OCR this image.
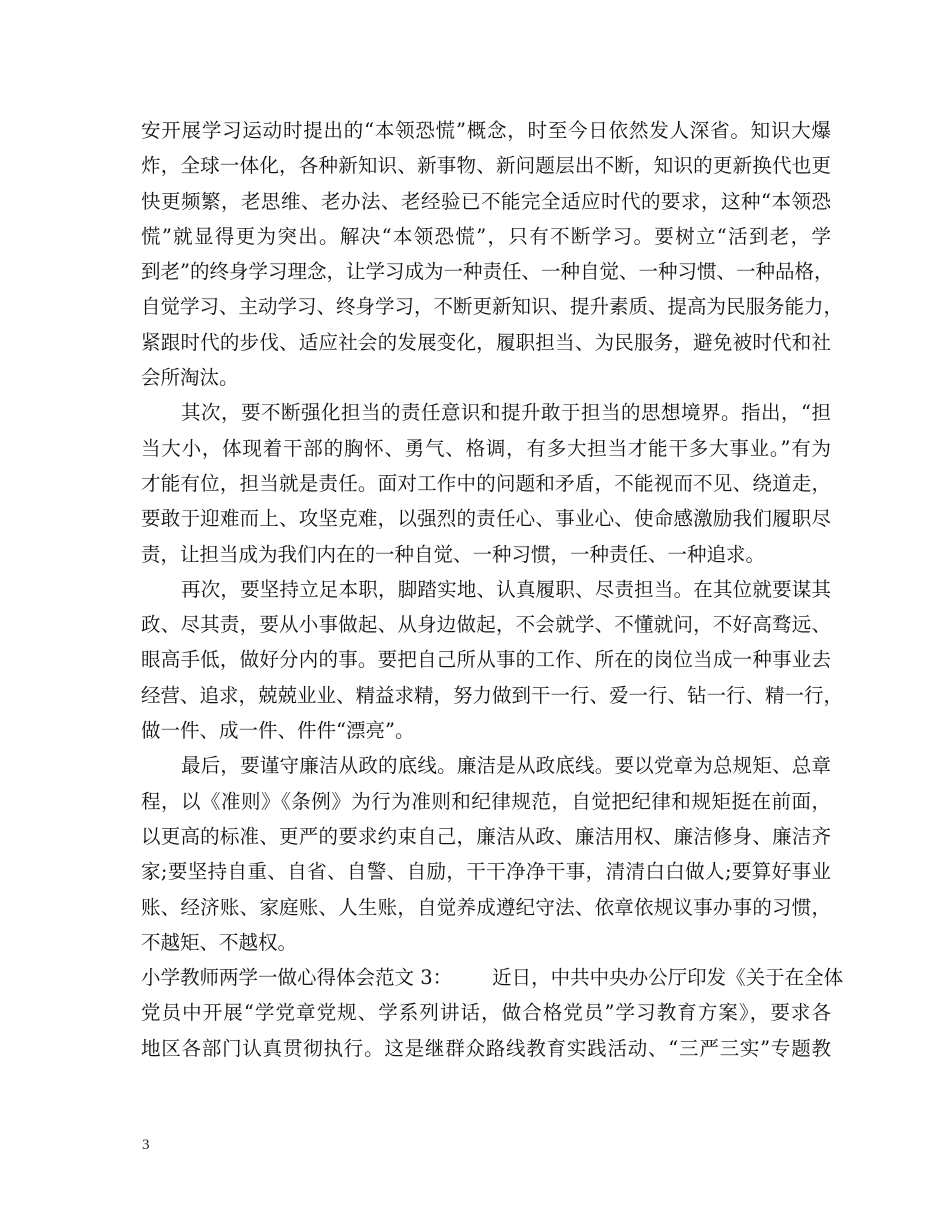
安开展学习运动时提出的“本领恐慌”概念，时至今日依然发人深省。知识大爆
炸，全球一体化，各种新知识、新事物、新问题层出不断，知识的更新换代也更
快更频繁，老思维、老办法、老经验已不能完全适应时代的要求，这种“本领恐
慌”就显得更为突出。解决“本领恐慌”，只有不断学习。要树立“活到老，学
到老”的终身学习理念，让学习成为一种责任、一种自觉、一种习惯、一种品格，
自觉学习、主动学习、终身学习，不断更新知识、提升素质、提高为民服务能力，
紧跟时代的步伐、适应社会的发展变化，履职担当、为民服务，避免被时代和社
会所淘汰。
其次，要不断强化担当的责任意识和提升敢于担当的思想境界。指出，“担
当大小，体现着干部的胸怀、勇气、格调，有多大担当才能干多大事业。”有为
才能有位，担当就是责任。面对工作中的问题和矛盾，不能视而不见、绕道走，
要敢于迎难而上、攻坚克难，以强烈的责任心、事业心、使命感激励我们履职尽
责，让担当成为我们内在的一种自觉、一种习惯，一种责任、一种追求。
再次，要坚持立足本职，脚踏实地、认真履职、尽责担当。在其位就要谋其
政、尽其责，要从小事做起、从身边做起，不会就学、不懂就问，不好高骛远、
眼高手低，做好分内的事。要把自己所从事的工作、所在的岗位当成一种事业去
经营、追求，兢兢业业、精益求精，努力做到干一行、爱一行、钻一行、精一行，
做一件、成一件、件件“漂亮”。
最后，要谨守廉洁从政的底线。廉洁是从政底线。要以党章为总规矩、总章
程，以《准则》《条例》为行为准则和纪律规范，自觉把纪律和规矩挺在前面，
以更高的标准、更严的要求约束自己，廉洁从政、廉洁用权、廉洁修身、廉洁齐
家;要坚持自重、自省、自警、自励，干干净净干事，清清白白做人;要算好事业
账、经济账、家庭账、人生账，自觉养成遵纪守法、依章依规议事办事的习惯，
不越矩、不越权。
小学教师两学一做心得体会范文 3： 近日，中共中央办公厅印发《关于在全体
党员中开展“学党章党规、学系列讲话，做合格党员”学习教育方案》，要求各
地区各部门认真贯彻执行。这是继群众路线教育实践活动、“三严三实”专题教
3
